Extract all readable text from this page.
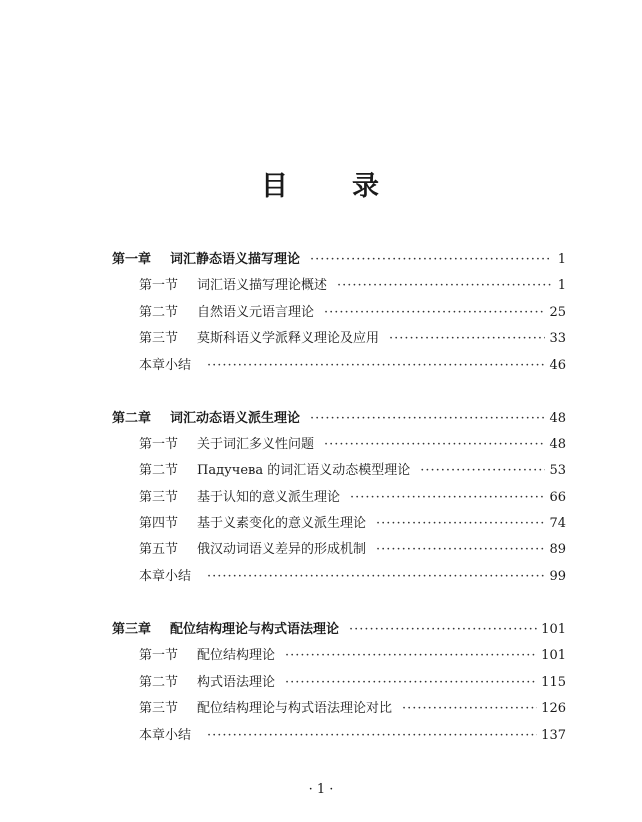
目 录
第一章	词汇静态语义描写理论 ·····	1
第一节	词汇语义描写理论概述 ·····	1
第二节	自然语义元语言理论 ·····	25
第三节	莫斯科语义学派释义理论及应用 ·····	33
本章小结 ·····	46
第二章	词汇动态语义派生理论 ·····	48
第一节	关于词汇多义性问题 ·····	48
第二节	Падучева 的词汇语义动态模型理论 ·····	53
第三节	基于认知的意义派生理论 ·····	66
第四节	基于义素变化的意义派生理论 ·····	74
第五节	俄汉动词语义差异的形成机制 ·····	89
本章小结 ·····	99
第三章	配位结构理论与构式语法理论 ·····	101
第一节	配位结构理论 ·····	101
第二节	构式语法理论 ·····	115
第三节	配位结构理论与构式语法理论对比 ·····	126
本章小结 ·····	137
· 1 ·
